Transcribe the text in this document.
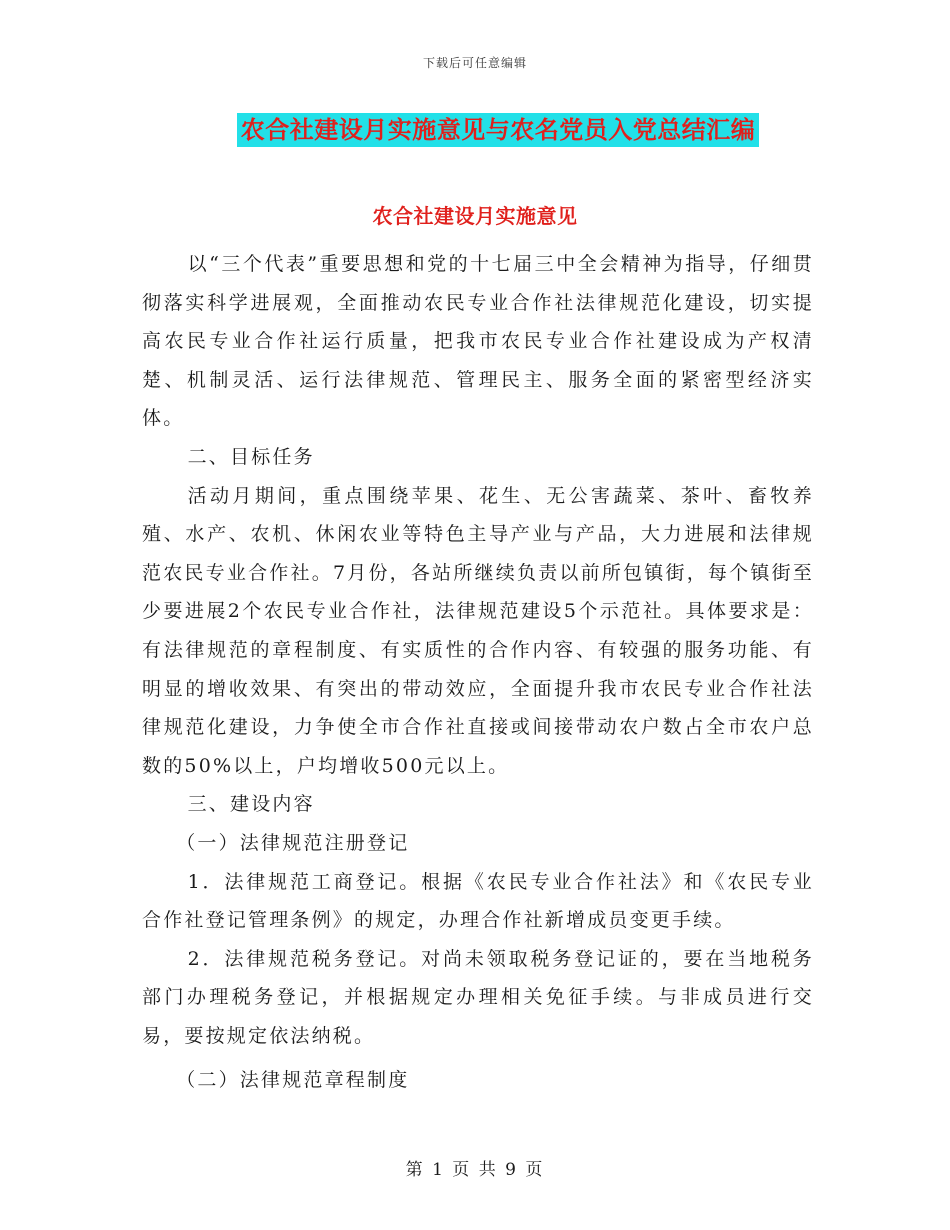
下载后可任意编辑
农合社建设月实施意见与农名党员入党总结汇编
农合社建设月实施意见

以“三个代表”重要思想和党的十七届三中全会精神为指导，仔细贯彻落实科学进展观，全面推动农民专业合作社法律规范化建设，切实提高农民专业合作社运行质量，把我市农民专业合作社建设成为产权清楚、机制灵活、运行法律规范、管理民主、服务全面的紧密型经济实体。

二、目标任务

活动月期间，重点围绕苹果、花生、无公害蔬菜、茶叶、畜牧养殖、水产、农机、休闲农业等特色主导产业与产品，大力进展和法律规范农民专业合作社。7月份，各站所继续负责以前所包镇街，每个镇街至少要进展2个农民专业合作社，法律规范建设5个示范社。具体要求是：有法律规范的章程制度、有实质性的合作内容、有较强的服务功能、有明显的增收效果、有突出的带动效应，全面提升我市农民专业合作社法律规范化建设，力争使全市合作社直接或间接带动农户数占全市农户总数的50%以上，户均增收500元以上。

三、建设内容

（一）法律规范注册登记

1．法律规范工商登记。根据《农民专业合作社法》和《农民专业合作社登记管理条例》的规定，办理合作社新增成员变更手续。

2．法律规范税务登记。对尚未领取税务登记证的，要在当地税务部门办理税务登记，并根据规定办理相关免征手续。与非成员进行交易，要按规定依法纳税。

（二）法律规范章程制度

第 1 页 共 9 页
